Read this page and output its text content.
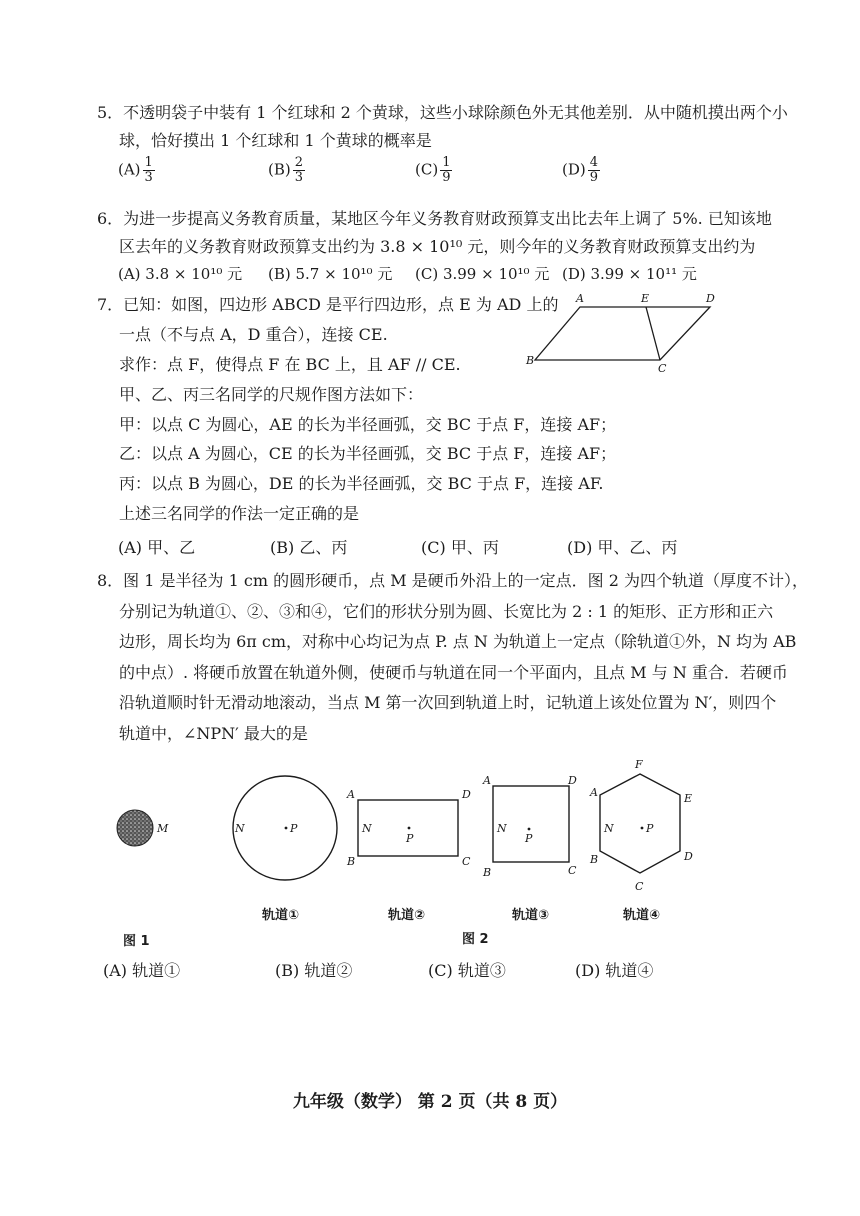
5．不透明袋子中装有 1 个红球和 2 个黄球，这些小球除颜色外无其他差别．从中随机摸出两个小
球，恰好摸出 1 个红球和 1 个黄球的概率是
$(A) \frac{1}{3}$	$(B) \frac{2}{3}$	$(C) \frac{1}{9}$	$(D) \frac{4}{9}$
6．为进一步提高义务教育质量，某地区今年义务教育财政预算支出比去年上调了 5%. 已知该地
区去年的义务教育财政预算支出约为 3.8 × 10¹⁰ 元，则今年的义务教育财政预算支出约为
(A) 3.8 × 10¹⁰ 元 (B) 5.7 × 10¹⁰ 元 (C) 3.99 × 10¹⁰ 元 (D) 3.99 × 10¹¹ 元
7．已知：如图，四边形 ABCD 是平行四边形，点 E 为 AD 上的
一点（不与点 A，D 重合），连接 CE.
求作：点 F，使得点 F 在 BC 上，且 AF // CE.
甲、乙、丙三名同学的尺规作图方法如下：
甲：以点 C 为圆心，AE 的长为半径画弧，交 BC 于点 F，连接 AF；
乙：以点 A 为圆心，CE 的长为半径画弧，交 BC 于点 F，连接 AF；
丙：以点 B 为圆心，DE 的长为半径画弧，交 BC 于点 F，连接 AF.
上述三名同学的作法一定正确的是
(A) 甲、乙	(B) 乙、丙	(C) 甲、丙	(D) 甲、乙、丙
A	E	D
B
C
8．图 1 是半径为 1 cm 的圆形硬币，点 M 是硬币外沿上的一定点．图 2 为四个轨道（厚度不计），
分别记为轨道①、②、③和④，它们的形状分别为圆、长宽比为 2 : 1 的矩形、正方形和正六
边形，周长均为 6π cm，对称中心均记为点 P. 点 N 为轨道上一定点（除轨道①外，N 均为 AB
的中点）. 将硬币放置在轨道外侧，使硬币与轨道在同一个平面内，且点 M 与 N 重合．若硬币
沿轨道顺时针无滑动地滚动，当点 M 第一次回到轨道上时，记轨道上该处位置为 N′，则四个
轨道中，∠NPN′ 最大的是
M	N	P
A	D
B	C
N
P
A	D
B	C
N
P
F
E
D
C
B
A
N	P
轨道①	轨道②	轨道③	轨道④
图 1	图 2
(A) 轨道①	(B) 轨道②	(C) 轨道③	(D) 轨道④
九年级（数学） 第 2 页（共 8 页）
